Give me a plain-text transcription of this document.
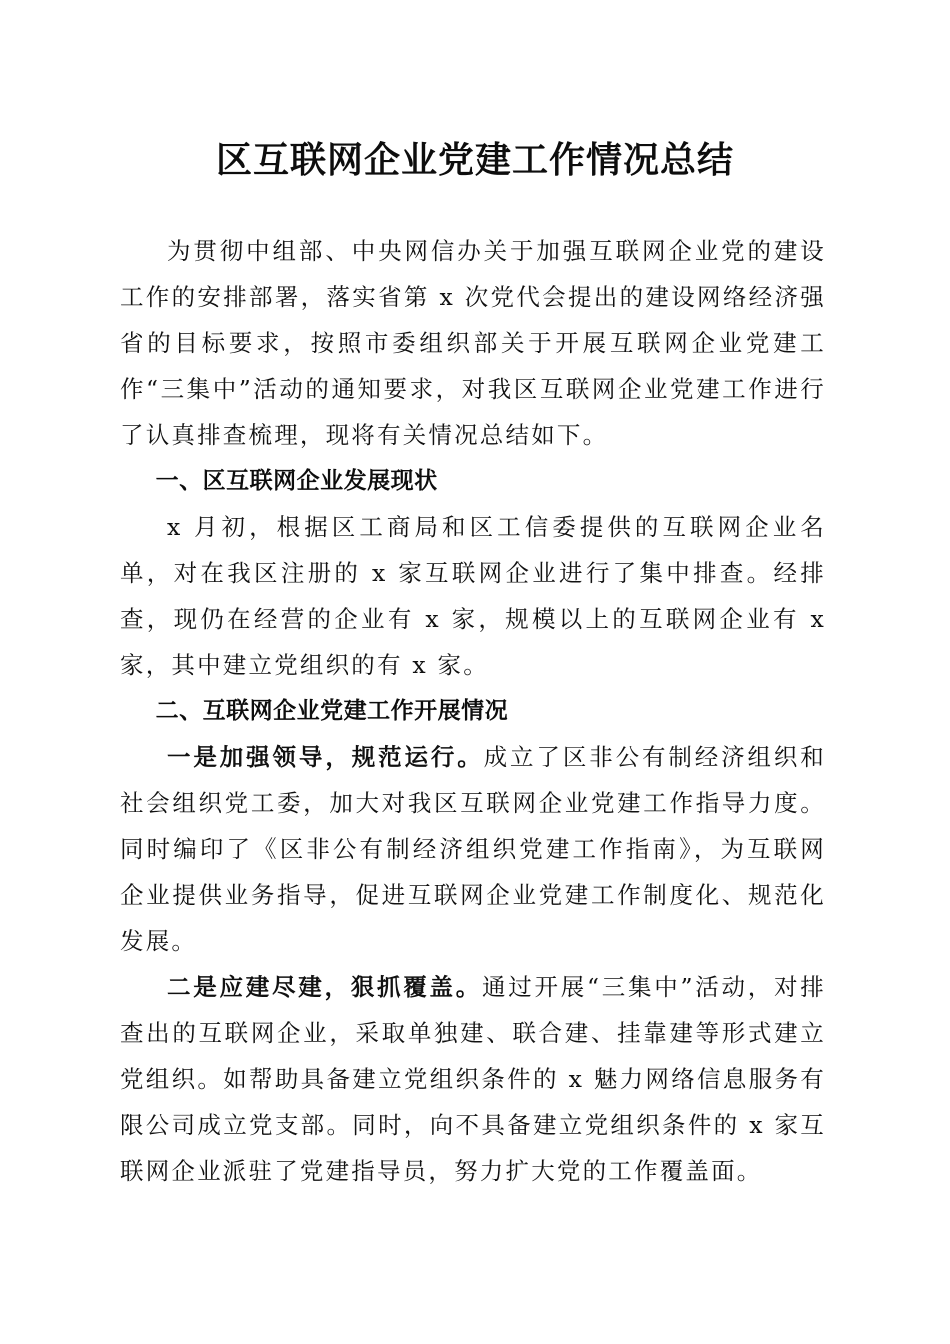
区互联网企业党建工作情况总结

为贯彻中组部、中央网信办关于加强互联网企业党的建设工作的安排部署，落实省第 x 次党代会提出的建设网络经济强省的目标要求，按照市委组织部关于开展互联网企业党建工作“三集中”活动的通知要求，对我区互联网企业党建工作进行了认真排查梳理，现将有关情况总结如下。

一、区互联网企业发展现状

x 月初，根据区工商局和区工信委提供的互联网企业名单，对在我区注册的 x 家互联网企业进行了集中排查。经排查，现仍在经营的企业有 x 家，规模以上的互联网企业有 x 家，其中建立党组织的有 x 家。

二、互联网企业党建工作开展情况

一是加强领导，规范运行。成立了区非公有制经济组织和社会组织党工委，加大对我区互联网企业党建工作指导力度。同时编印了《区非公有制经济组织党建工作指南》，为互联网企业提供业务指导，促进互联网企业党建工作制度化、规范化发展。

二是应建尽建，狠抓覆盖。通过开展“三集中”活动，对排查出的互联网企业，采取单独建、联合建、挂靠建等形式建立党组织。如帮助具备建立党组织条件的 x 魅力网络信息服务有限公司成立党支部。同时，向不具备建立党组织条件的 x 家互联网企业派驻了党建指导员，努力扩大党的工作覆盖面。
